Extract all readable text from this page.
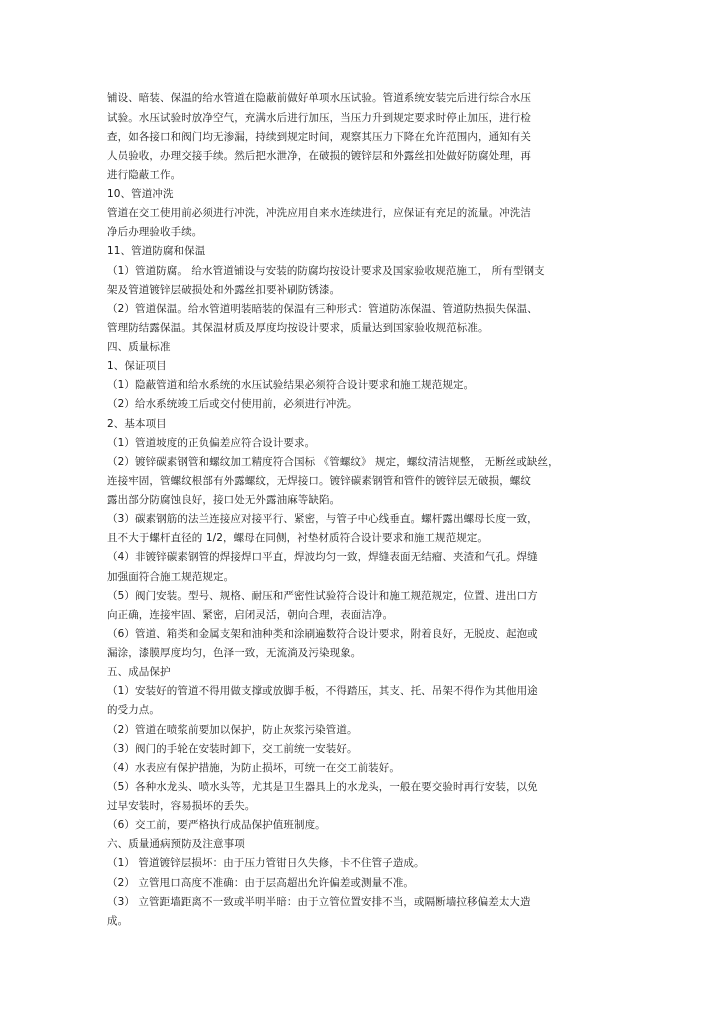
铺设、暗装、保温的给水管道在隐蔽前做好单项水压试验。管道系统安装完后进行综合水压
试验。水压试验时放净空气，充满水后进行加压，当压力升到规定要求时停止加压，进行检
查，如各接口和阀门均无渗漏，持续到规定时间，观察其压力下降在允许范围内，通知有关
人员验收，办理交接手续。然后把水泄净，在破损的镀锌层和外露丝扣处做好防腐处理，再
进行隐蔽工作。
10、管道冲洗
管道在交工使用前必须进行冲洗，冲洗应用自来水连续进行，应保证有充足的流量。冲洗洁
净后办理验收手续。
11、管道防腐和保温
（1）管道防腐。 给水管道铺设与安装的防腐均按设计要求及国家验收规范施工， 所有型钢支
架及管道镀锌层破损处和外露丝扣要补刷防锈漆。
（2）管道保温。给水管道明装暗装的保温有三种形式：管道防冻保温、管道防热损失保温、
管理防结露保温。其保温材质及厚度均按设计要求，质量达到国家验收规范标准。
四、质量标准
1、保证项目
（1）隐蔽管道和给水系统的水压试验结果必须符合设计要求和施工规范规定。
（2）给水系统竣工后或交付使用前，必须进行冲洗。
2、基本项目
（1）管道坡度的正负偏差应符合设计要求。
（2）镀锌碳素钢管和螺纹加工精度符合国标 《管螺纹》 规定，螺纹清洁规整， 无断丝或缺丝，
连接牢固，管螺纹根部有外露螺纹，无焊接口。镀锌碳素钢管和管件的镀锌层无破损，螺纹
露出部分防腐蚀良好，接口处无外露油麻等缺陷。
（3）碳素钢筋的法兰连接应对接平行、紧密，与管子中心线垂直。螺杆露出螺母长度一致，
且不大于螺杆直径的 1/2，螺母在同侧，衬垫材质符合设计要求和施工规范规定。
（4）非镀锌碳素钢管的焊接焊口平直，焊波均匀一致，焊缝表面无结瘤、夹渣和气孔。焊缝
加强面符合施工规范规定。
（5）阀门安装。型号、规格、耐压和严密性试验符合设计和施工规范规定，位置、进出口方
向正确，连接牢固、紧密，启闭灵活，朝向合理，表面洁净。
（6）管道、箱类和金属支架和油种类和涂刷遍数符合设计要求，附着良好，无脱皮、起泡或
漏涂，漆膜厚度均匀，色泽一致，无流淌及污染现象。
五、成品保护
（1）安装好的管道不得用做支撑或放脚手板，不得踏压，其支、托、吊架不得作为其他用途
的受力点。
（2）管道在喷浆前要加以保护，防止灰浆污染管道。
（3）阀门的手轮在安装时卸下，交工前统一安装好。
（4）水表应有保护措施，为防止损坏，可统一在交工前装好。
（5）各种水龙头、喷水头等，尤其是卫生器具上的水龙头，一般在要交验时再行安装，以免
过早安装时，容易损坏的丢失。
（6）交工前，要严格执行成品保护值班制度。
六、质量通病预防及注意事项
（1） 管道镀锌层损坏：由于压力管钳日久失修，卡不住管子造成。
（2） 立管甩口高度不准确：由于层高超出允许偏差或测量不准。
（3） 立管距墙距离不一致或半明半暗：由于立管位置安排不当，或隔断墙拉移偏差太大造
成。
